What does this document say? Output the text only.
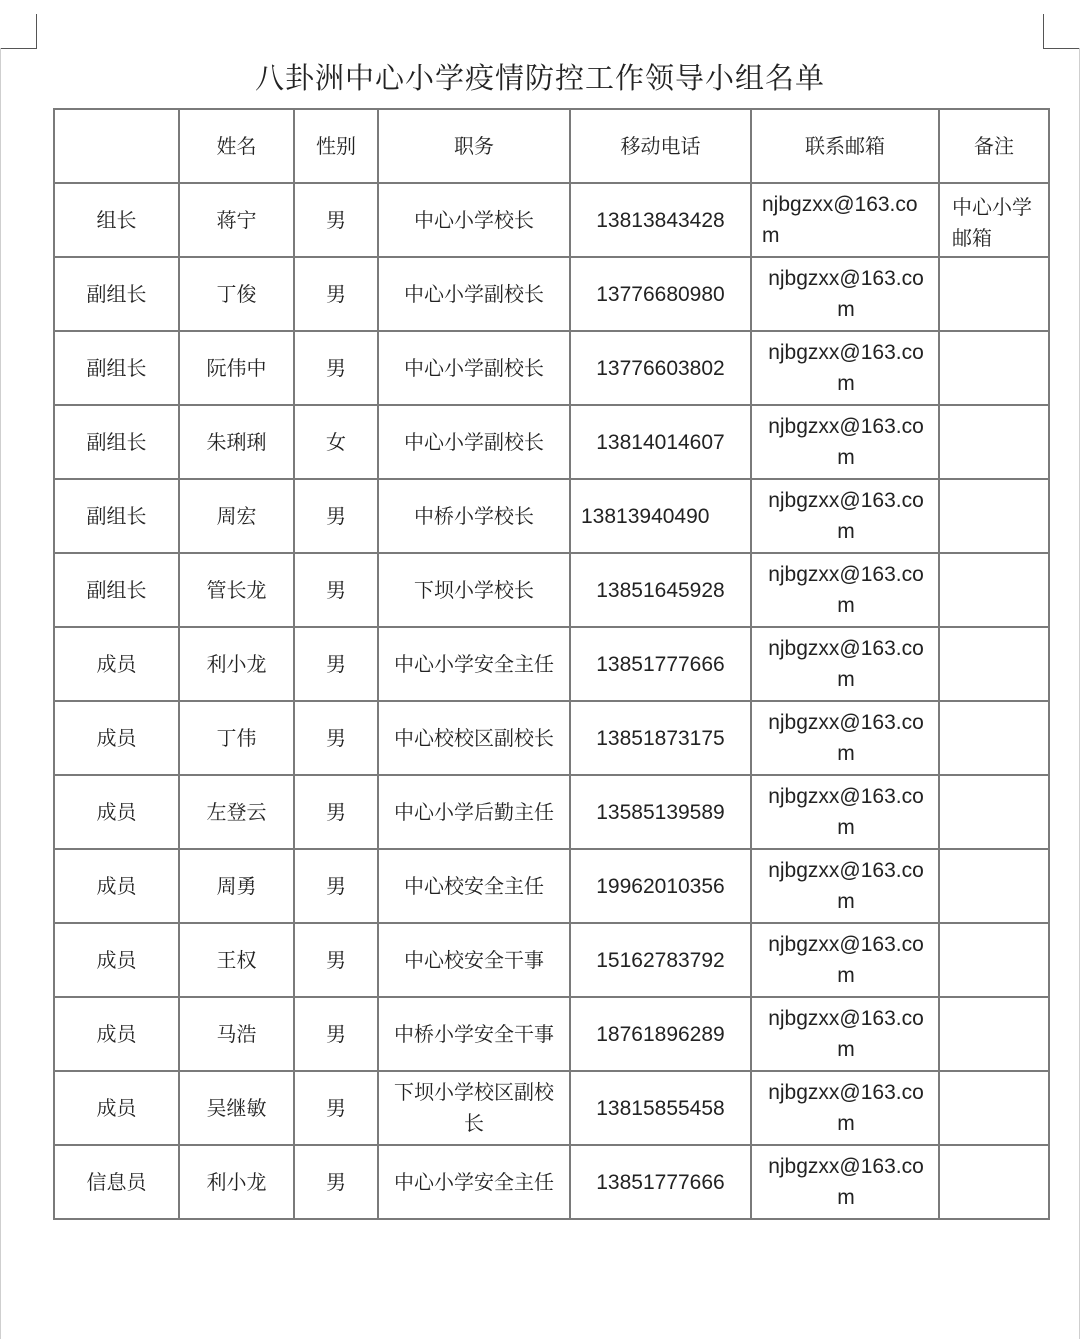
八卦洲中心小学疫情防控工作领导小组名单
	姓名	性别	职务	移动电话	联系邮箱	备注
组长	蒋宁	男	中心小学校长	13813843428	njbgzxx@163.com	中心小学邮箱
副组长	丁俊	男	中心小学副校长	13776680980	njbgzxx@163.com	
副组长	阮伟中	男	中心小学副校长	13776603802	njbgzxx@163.com	
副组长	朱琍琍	女	中心小学副校长	13814014607	njbgzxx@163.com	
副组长	周宏	男	中桥小学校长	13813940490	njbgzxx@163.com	
副组长	管长龙	男	下坝小学校长	13851645928	njbgzxx@163.com	
成员	利小龙	男	中心小学安全主任	13851777666	njbgzxx@163.com	
成员	丁伟	男	中心校校区副校长	13851873175	njbgzxx@163.com	
成员	左登云	男	中心小学后勤主任	13585139589	njbgzxx@163.com	
成员	周勇	男	中心校安全主任	19962010356	njbgzxx@163.com	
成员	王权	男	中心校安全干事	15162783792	njbgzxx@163.com	
成员	马浩	男	中桥小学安全干事	18761896289	njbgzxx@163.com	
成员	吴继敏	男	下坝小学校区副校长	13815855458	njbgzxx@163.com	
信息员	利小龙	男	中心小学安全主任	13851777666	njbgzxx@163.com	
